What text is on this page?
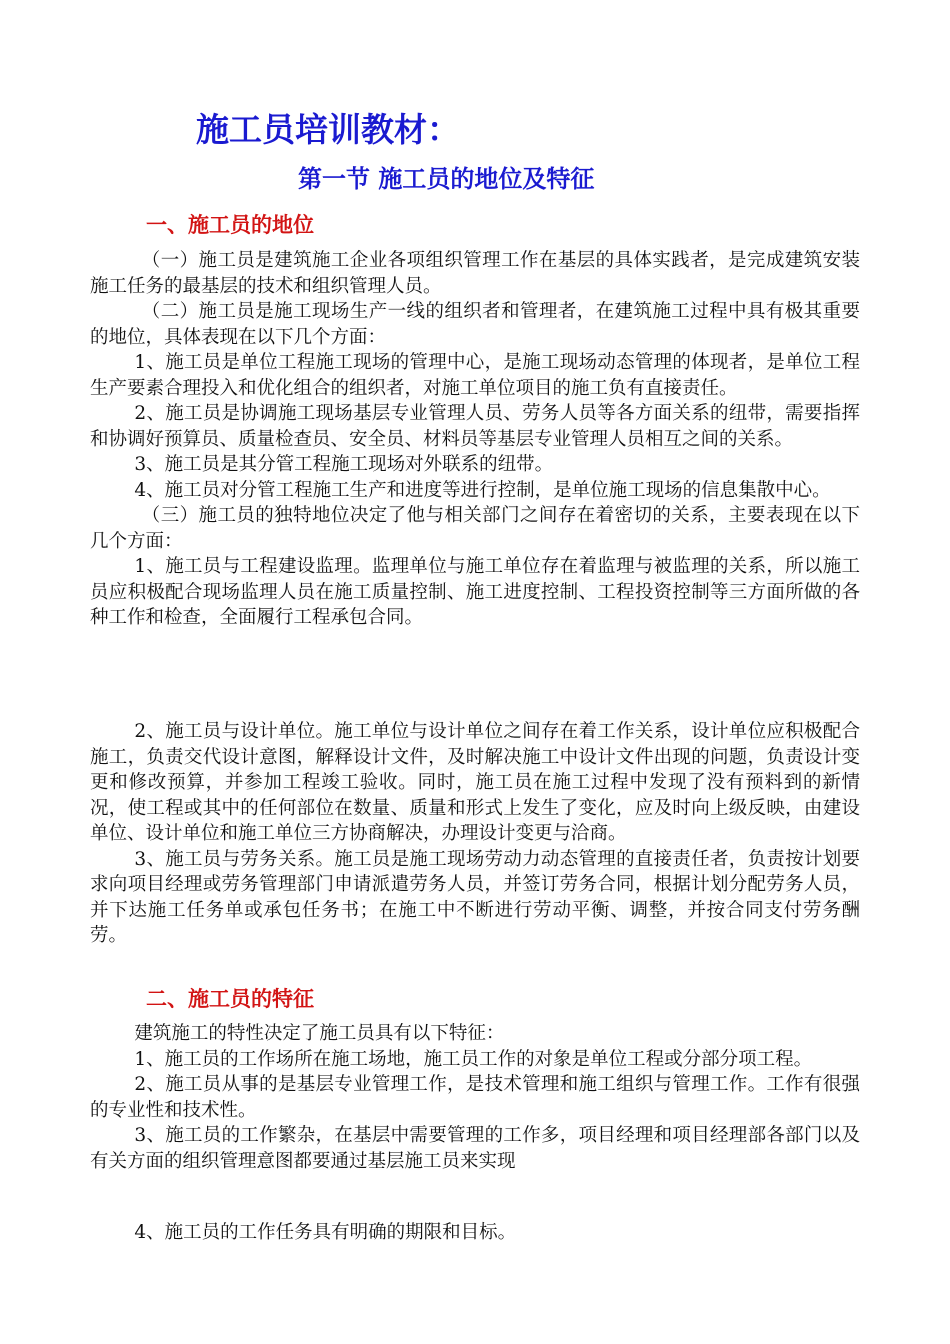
施工员培训教材：
第一节 施工员的地位及特征
一、施工员的地位

（一）施工员是建筑施工企业各项组织管理工作在基层的具体实践者，是完成建筑安装施工任务的最基层的技术和组织管理人员。

（二）施工员是施工现场生产一线的组织者和管理者，在建筑施工过程中具有极其重要的地位，具体表现在以下几个方面：

1、施工员是单位工程施工现场的管理中心，是施工现场动态管理的体现者，是单位工程生产要素合理投入和优化组合的组织者，对施工单位项目的施工负有直接责任。

2、施工员是协调施工现场基层专业管理人员、劳务人员等各方面关系的纽带，需要指挥和协调好预算员、质量检查员、安全员、材料员等基层专业管理人员相互之间的关系。

3、施工员是其分管工程施工现场对外联系的纽带。

4、施工员对分管工程施工生产和进度等进行控制，是单位施工现场的信息集散中心。

（三）施工员的独特地位决定了他与相关部门之间存在着密切的关系，主要表现在以下几个方面：

1、施工员与工程建设监理。监理单位与施工单位存在着监理与被监理的关系，所以施工员应积极配合现场监理人员在施工质量控制、施工进度控制、工程投资控制等三方面所做的各种工作和检查，全面履行工程承包合同。

2、施工员与设计单位。施工单位与设计单位之间存在着工作关系，设计单位应积极配合施工，负责交代设计意图，解释设计文件，及时解决施工中设计文件出现的问题，负责设计变更和修改预算，并参加工程竣工验收。同时，施工员在施工过程中发现了没有预料到的新情况，使工程或其中的任何部位在数量、质量和形式上发生了变化，应及时向上级反映，由建设单位、设计单位和施工单位三方协商解决，办理设计变更与洽商。

3、施工员与劳务关系。施工员是施工现场劳动力动态管理的直接责任者，负责按计划要求向项目经理或劳务管理部门申请派遣劳务人员，并签订劳务合同，根据计划分配劳务人员，并下达施工任务单或承包任务书；在施工中不断进行劳动平衡、调整，并按合同支付劳务酬劳。

二、施工员的特征

建筑施工的特性决定了施工员具有以下特征：

1、施工员的工作场所在施工场地，施工员工作的对象是单位工程或分部分项工程。

2、施工员从事的是基层专业管理工作，是技术管理和施工组织与管理工作。工作有很强的专业性和技术性。

3、施工员的工作繁杂，在基层中需要管理的工作多，项目经理和项目经理部各部门以及有关方面的组织管理意图都要通过基层施工员来实现

4、施工员的工作任务具有明确的期限和目标。
